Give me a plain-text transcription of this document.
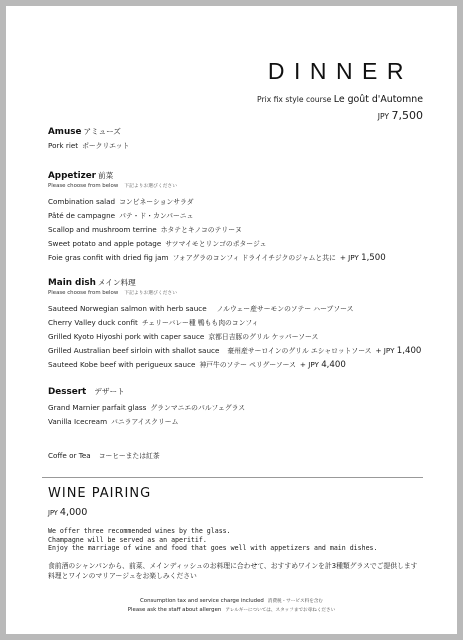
DINNER
Prix fix style course Le goût d'Automne
JPY 7,500
Amuse アミューズ
Pork riet ポークリエット
Appetizer 前菜
Please choose from below 下記よりお選びください
Combination salad コンビネーションサラダ
Pâté de campagne パテ・ド・カンパーニュ
Scallop and mushroom terrine ホタテとキノコのテリーヌ
Sweet potato and apple potage サツマイモとリンゴのポタージュ
Foie gras confit with dried fig jam フォアグラのコンフィ ドライイチジクのジャムと共に + JPY 1,500
Main dish メイン料理
Please choose from below 下記よりお選びください
Sauteed Norwegian salmon with herb sauce ノルウェー産サーモンのソテー ハーブソース
Cherry Valley duck confit チェリーバレー種 鴨もも肉のコンフィ
Grilled Kyoto Hiyoshi pork with caper sauce 京都日吉豚のグリル ケッパーソース
Grilled Australian beef sirloin with shallot sauce 豪州産サーロインのグリル エシャロットソース + JPY 1,400
Sauteed Kobe beef with perigueux sauce 神戸牛のソテー ペリグーソース + JPY 4,400
Dessert デザート
Grand Marnier parfait glass グランマニエのパルフェグラス
Vanilla Icecream バニラアイスクリーム
Coffe or Tea コーヒーまたは紅茶
WINE PAIRING
JPY 4,000
We offer three recommended wines by the glass.
Champagne will be served as an aperitif.
Enjoy the marriage of wine and food that goes well with appetizers and main dishes.
食前酒のシャンパンから、前菜、メインディッシュのお料理に合わせて、おすすめワインを計3種類グラスでご提供します
料理とワインのマリアージュをお楽しみください
Consumption tax and service charge included 消費税・サービス料を含む
Please ask the staff about allergen アレルギーについては、スタッフまでお尋ねください
